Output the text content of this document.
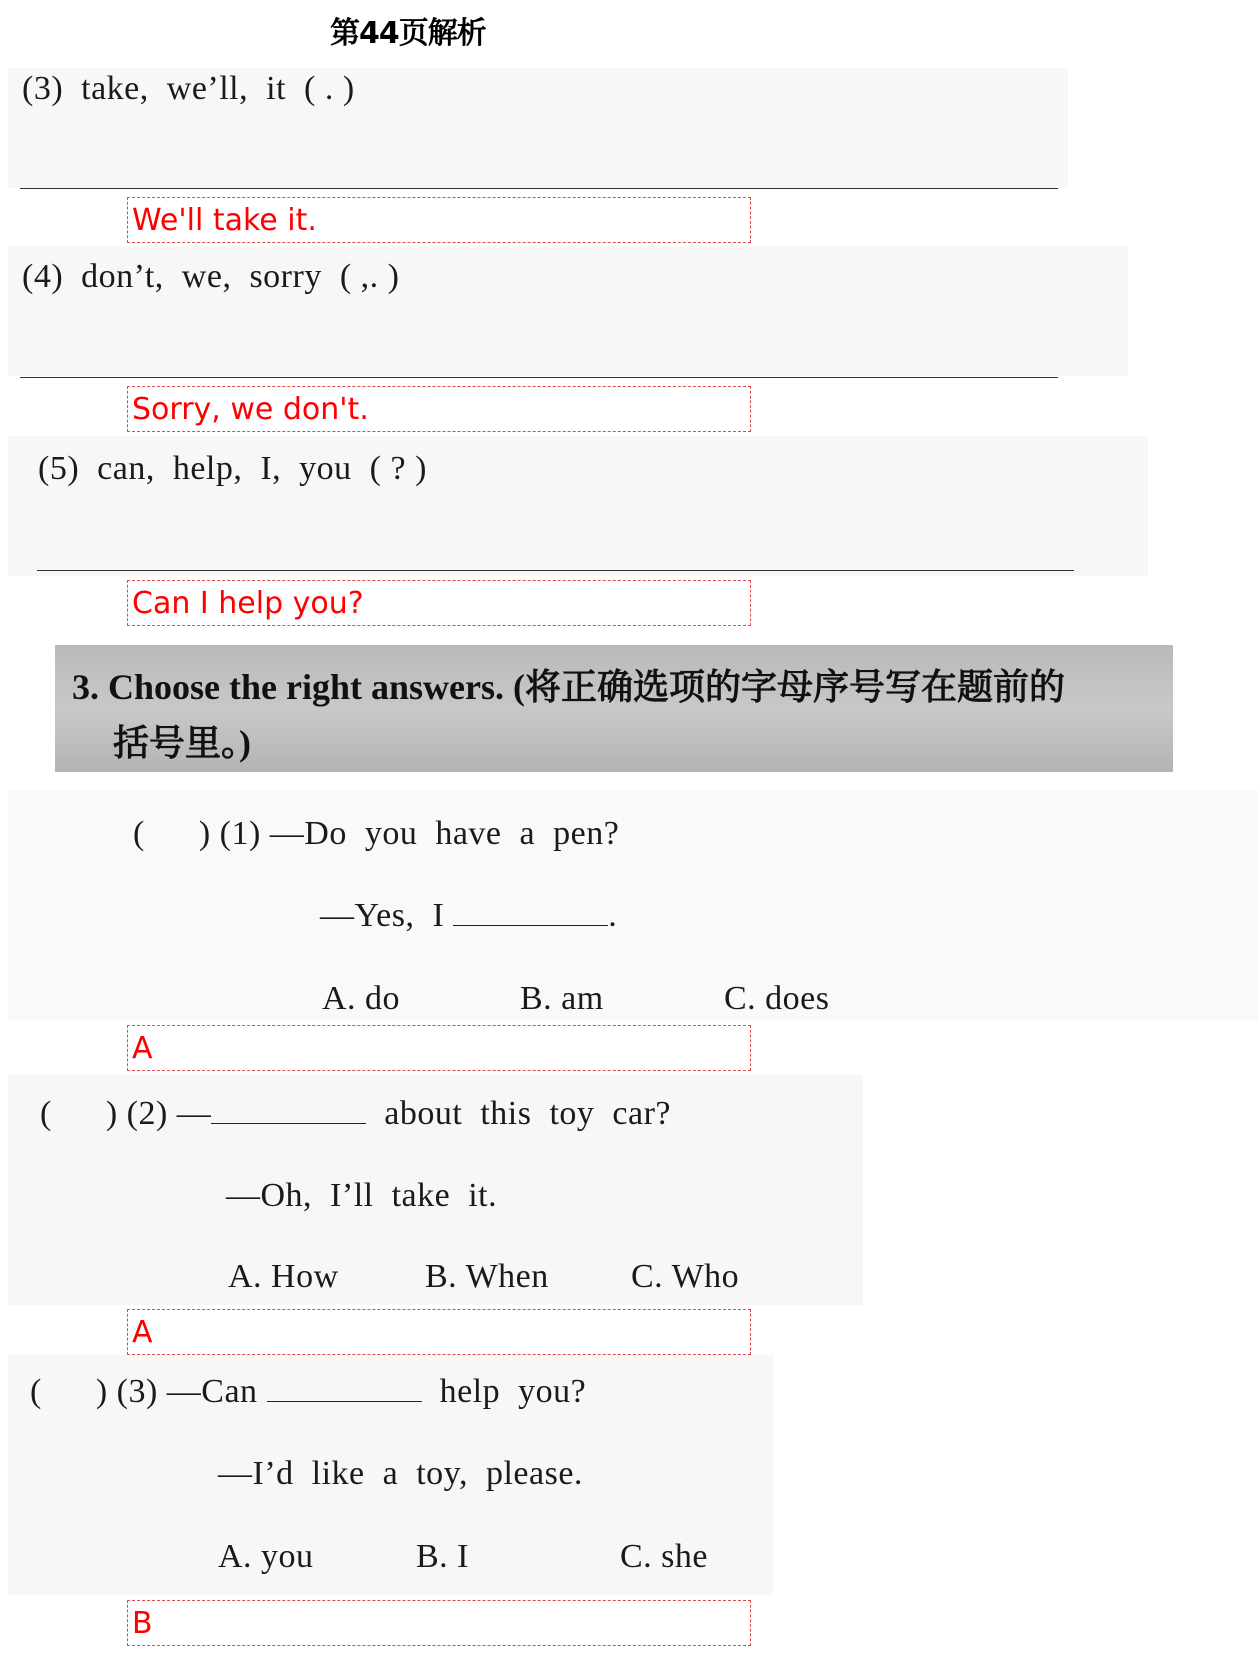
第44页解析
(3)  take,  we’ll,  it  ( . )
We'll take it.
(4)  don’t,  we,  sorry  ( ,. )
Sorry, we don't.
(5)  can,  help,  I,  you  ( ? )
Can I help you?
3. Choose the right answers. (将正确选项的字母序号写在题前的
括号里。)
(      ) (1) —Do  you  have  a  pen?
—Yes,  I	.
A. do	B. am	C. does
A
(      ) (2) —	about  this  toy  car?
—Oh,  I’ll  take  it.
A. How	B. When C. Who
A
(      ) (3) —Can	help  you?
—I’d  like  a  toy,  please.
A. you	B. I	C. she
B
